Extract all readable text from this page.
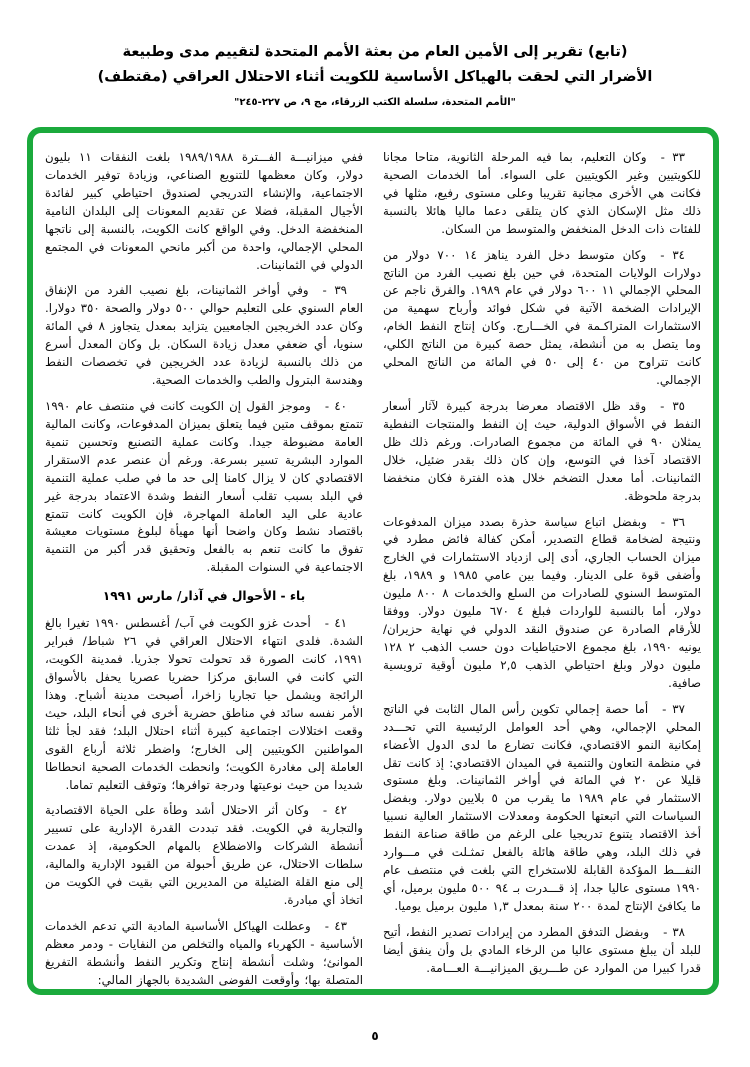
(تابع) تقرير إلى الأمين العام من بعثة الأمم المتحدة لتقييم مدى وطبيعة
الأضرار التي لحقت بالهياكل الأساسية للكويت أثناء الاحتلال العراقي (مقتطف)
"الأمم المتحدة، سلسلة الكتب الزرقاء، مج ٩، ص ٢٢٧-٢٤٥"

٣٣ -وكان التعليم، بما فيه المرحلة الثانوية، متاحا مجانا للكويتيين وغير الكويتيين على السواء. أما الخدمات الصحية فكانت هي الأخرى مجانية تقريبا وعلى مستوى رفيع، مثلها في ذلك مثل الإسكان الذي كان يتلقى دعما ماليا هائلا بالنسبة للفئات ذات الدخل المنخفض والمتوسط من السكان.

٣٤ -وكان متوسط دخل الفرد يناهز ١٤ ٧٠٠ دولار من دولارات الولايات المتحدة، في حين بلغ نصيب الفرد من الناتج المحلي الإجمالي ١١ ٦٠٠ دولار في عام ١٩٨٩. والفرق ناجم عن الإيرادات الضخمة الآتية في شكل فوائد وأرباح سهمية من الاستثمارات المتراكـمة في الخـــارج. وكان إنتاج النفط الخام، وما يتصل به من أنشطة، يمثل حصة كبيرة من الناتج الكلي، كانت تتراوح من ٤٠ إلى ٥٠ في المائة من الناتج المحلي الإجمالي.

٣٥ -وقد ظل الاقتصاد معرضا بدرجة كبيرة لآثار أسعار النفط في الأسواق الدولية، حيث إن النفط والمنتجات النفطية يمثلان ٩٠ في المائة من مجموع الصادرات. ورغم ذلك ظل الاقتصاد آخذا في التوسع، وإن كان ذلك بقدر ضئيل، خلال الثمانينات. أما معدل التضخم خلال هذه الفترة فكان منخفضا بدرجة ملحوظة.

٣٦ -وبفضل اتباع سياسة حذرة بصدد ميزان المدفوعات ونتيجة لضخامة قطاع التصدير، أمكن كفالة فائض مطرد في ميزان الحساب الجاري، أدى إلى ازدياد الاستثمارات في الخارج وأضفى قوة على الدينار. وفيما بين عامي ١٩٨٥ و ١٩٨٩، بلغ المتوسط السنوي للصادرات من السلع والخدمات ٨ ٨٠٠ مليون دولار، أما بالنسبة للواردات فبلغ ٤ ٦٧٠ مليون دولار. ووفقا للأرقام الصادرة عن صندوق النقد الدولي في نهاية حزيران/ يونيه ١٩٩٠، بلغ مجموع الاحتياطيات دون حسب الذهب ٢ ١٢٨ مليون دولار وبلغ احتياطي الذهب ٢,٥ مليون أوقية ترويسية صافية.

٣٧ -أما حصة إجمالي تكوين رأس المال الثابت في الناتج المحلي الإجمالي، وهي أحد العوامل الرئيسية التي تحـــدد إمكانية النمو الاقتصادي، فكانت تضارع ما لدى الدول الأعضاء في منظمة التعاون والتنمية في الميدان الاقتصادي: إذ كانت تقل قليلا عن ٢٠ في المائة في أواخر الثمانينات. وبلغ مستوى الاستثمار في عام ١٩٨٩ ما يقرب من ٥ بلايين دولار. وبفضل السياسات التي اتبعتها الحكومة ومعدلات الاستثمار العالية نسبيا أخذ الاقتصاد يتنوع تدريجيا على الرغم من طاقة صناعة النفط في ذلك البلد، وهي طاقة هائلة بالفعل تمثـلت في مـــوارد النفـــط المؤكدة القابلة للاستخراج التي بلغت في منتصف عام ١٩٩٠ مستوى عاليا جدا، إذ قـــدرت بـ ٩٤ ٥٠٠ مليون برميل، أي ما يكافئ الإنتاج لمدة ٢٠٠ سنة بمعدل ١,٣ مليون برميل يوميا.

٣٨ -وبفضل التدفق المطرد من إيرادات تصدير النفط، أتيح للبلد أن يبلغ مستوى عاليا من الرخاء المادي بل وأن ينفق أيضا قدرا كبيرا من الموارد عن طـــريق الميزانيـــة العـــامة.

ففي ميزانيـــة الفـــترة ١٩٨٩/١٩٨٨ بلغت النفقات ١١ بليون دولار، وكان معظمها للتنويع الصناعي، وزيادة توفير الخدمات الاجتماعية، والإنشاء التدريجي لصندوق احتياطي كبير لفائدة الأجيال المقبلة، فضلا عن تقديم المعونات إلى البلدان النامية المنخفضة الدخل. وفي الواقع كانت الكويت، بالنسبة إلى ناتجها المحلي الإجمالي، واحدة من أكبر مانحي المعونات في المجتمع الدولي في الثمانينات.

٣٩ -وفي أواخر الثمانينات، بلغ نصيب الفرد من الإنفاق العام السنوي على التعليم حوالي ٥٠٠ دولار والصحة ٣٥٠ دولارا. وكان عدد الخريجين الجامعيين يتزايد بمعدل يتجاوز ٨ في المائة سنويا، أي ضعفي معدل زيادة السكان. بل وكان المعدل أسرع من ذلك بالنسبة لزيادة عدد الخريجين في تخصصات النفط وهندسة البترول والطب والخدمات الصحية.

٤٠ -وموجز القول إن الكويت كانت في منتصف عام ١٩٩٠ تتمتع بموقف متين فيما يتعلق بميزان المدفوعات، وكانت المالية العامة مضبوطة جيدا. وكانت عملية التصنيع وتحسين تنمية الموارد البشرية تسير بسرعة. ورغم أن عنصر عدم الاستقرار الاقتصادي كان لا يزال كامنا إلى حد ما في صلب عملية التنمية في البلد بسبب تقلب أسعار النفط وشدة الاعتماد بدرجة غير عادية على اليد العاملة المهاجرة، فإن الكويت كانت تتمتع باقتصاد نشط وكان واضحا أنها مهيأة لبلوغ مستويات معيشة تفوق ما كانت تنعم به بالفعل وتحقيق قدر أكبر من التنمية الاجتماعية في السنوات المقبلة.

باء - الأحوال في آذار/ مارس ١٩٩١

٤١ -أحدث غزو الكويت في آب/ أغسطس ١٩٩٠ تغيرا بالغ الشدة. فلدى انتهاء الاحتلال العراقي في ٢٦ شباط/ فبراير ١٩٩١، كانت الصورة قد تحولت تحولا جذريا. فمدينة الكويت، التي كانت في السابق مركزا حضريا عصريا يحفل بالأسواق الرائجة ويشمل حيا تجاريا زاخرا، أصبحت مدينة أشباح. وهذا الأمر نفسه سائد في مناطق حضرية أخرى في أنحاء البلد، حيث وقعت اختلالات اجتماعية كبيرة أثناء احتلال البلد؛ فقد لجأ ثلثا المواطنين الكويتيين إلى الخارج؛ واضطر ثلاثة أرباع القوى العاملة إلى مغادرة الكويت؛ وانحطت الخدمات الصحية انحطاطا شديدا من حيث نوعيتها ودرجة توافرها؛ وتوقف التعليم تماما.

٤٢ -وكان أثر الاحتلال أشد وطأة على الحياة الاقتصادية والتجارية في الكويت. فقد تبددت القدرة الإدارية على تسيير أنشطة الشركات والاضطلاع بالمهام الحكومية، إذ عمدت سلطات الاحتلال، عن طريق أحبولة من القيود الإدارية والمالية، إلى منع القلة الضئيلة من المديرين التي بقيت في الكويت من اتخاذ أي مبادرة.

٤٣ -وعطلت الهياكل الأساسية المادية التي تدعم الخدمات الأساسية - الكهرباء والمياه والتخلص من النفايات - ودمر معظم الموانئ؛ وشلت أنشطة إنتاج وتكرير النفط وأنشطة التفريغ المتصلة بها؛ وأوقعت الفوضى الشديدة بالجهاز المالي:

٥
